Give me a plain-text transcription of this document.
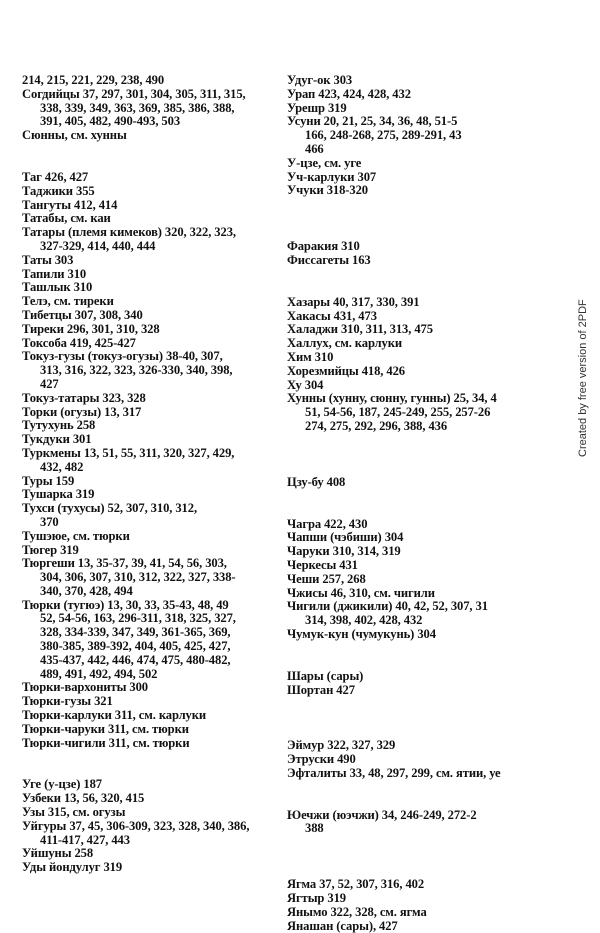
214, 215, 221, 229, 238, 490
Согдийцы 37, 297, 301, 304, 305, 311, 315,
338, 339, 349, 363, 369, 385, 386, 388,
391, 405, 482, 490-493, 503
Сюнны, см. хунны
Таг 426, 427
Таджики 355
Тангуты 412, 414
Татабы, см. каи
Татары (племя кимеков) 320, 322, 323,
327-329, 414, 440, 444
Таты 303
Тапили 310
Ташлык 310
Телэ, см. тиреки
Тибетцы 307, 308, 340
Тиреки 296, 301, 310, 328
Токсоба 419, 425-427
Токуз-гузы (токуз-огузы) 38-40, 307,
313, 316, 322, 323, 326-330, 340, 398,
427
Токуз-татары 323, 328
Торки (огузы) 13, 317
Тутухунь 258
Тукдуки 301
Туркмены 13, 51, 55, 311, 320, 327, 429,
432, 482
Туры 159
Тушарка 319
Тухси (тухусы) 52, 307, 310, 312,
370
Тушэюе, см. тюрки
Тюгер 319
Тюргеши 13, 35-37, 39, 41, 54, 56, 303,
304, 306, 307, 310, 312, 322, 327, 338-
340, 370, 428, 494
Тюрки (тугюэ) 13, 30, 33, 35-43, 48, 49
52, 54-56, 163, 296-311, 318, 325, 327,
328, 334-339, 347, 349, 361-365, 369,
380-385, 389-392, 404, 405, 425, 427,
435-437, 442, 446, 474, 475, 480-482,
489, 491, 492, 494, 502
Тюрки-вархониты 300
Тюрки-гузы 321
Тюрки-карлуки 311, см. карлуки
Тюрки-чаруки 311, см. тюрки
Тюрки-чигили 311, см. тюрки
Уге (у-цзе) 187
Узбеки 13, 56, 320, 415
Узы 315, см. огузы
Уйгуры 37, 45, 306-309, 323, 328, 340, 386,
411-417, 427, 443
Уйшуны 258
Уды йондулуг 319
Удуг-ок 303
Урап 423, 424, 428, 432
Урешр 319
Усуни 20, 21, 25, 34, 36, 48, 51-5
166, 248-268, 275, 289-291, 43
466
У-цзе, см. уге
Уч-карлуки 307
Учуки 318-320
Фаракия 310
Фиссагеты 163
Хазары 40, 317, 330, 391
Хакасы 431, 473
Халаджи 310, 311, 313, 475
Халлух, см. карлуки
Хим 310
Хорезмийцы 418, 426
Ху 304
Хунны (хунну, сюнну, гунны) 25, 34, 4
51, 54-56, 187, 245-249, 255, 257-26
274, 275, 292, 296, 388, 436
Цзу-бу 408
Чагра 422, 430
Чапши (чэбиши) 304
Чаруки 310, 314, 319
Черкесы 431
Чеши 257, 268
Чжисы 46, 310, см. чигили
Чигили (джикили) 40, 42, 52, 307, 31
314, 398, 402, 428, 432
Чумук-кун (чумукунь) 304
Шары (сары)
Шортан 427
Эймур 322, 327, 329
Этруски 490
Эфталиты 33, 48, 297, 299, см. ятии, уе
Юечжи (юэчжи) 34, 246-249, 272-2
388
Ягма 37, 52, 307, 316, 402
Ягтыр 319
Янымо 322, 328, см. ягма
Янашан (сары), 427
Created by free version of 2PDF
